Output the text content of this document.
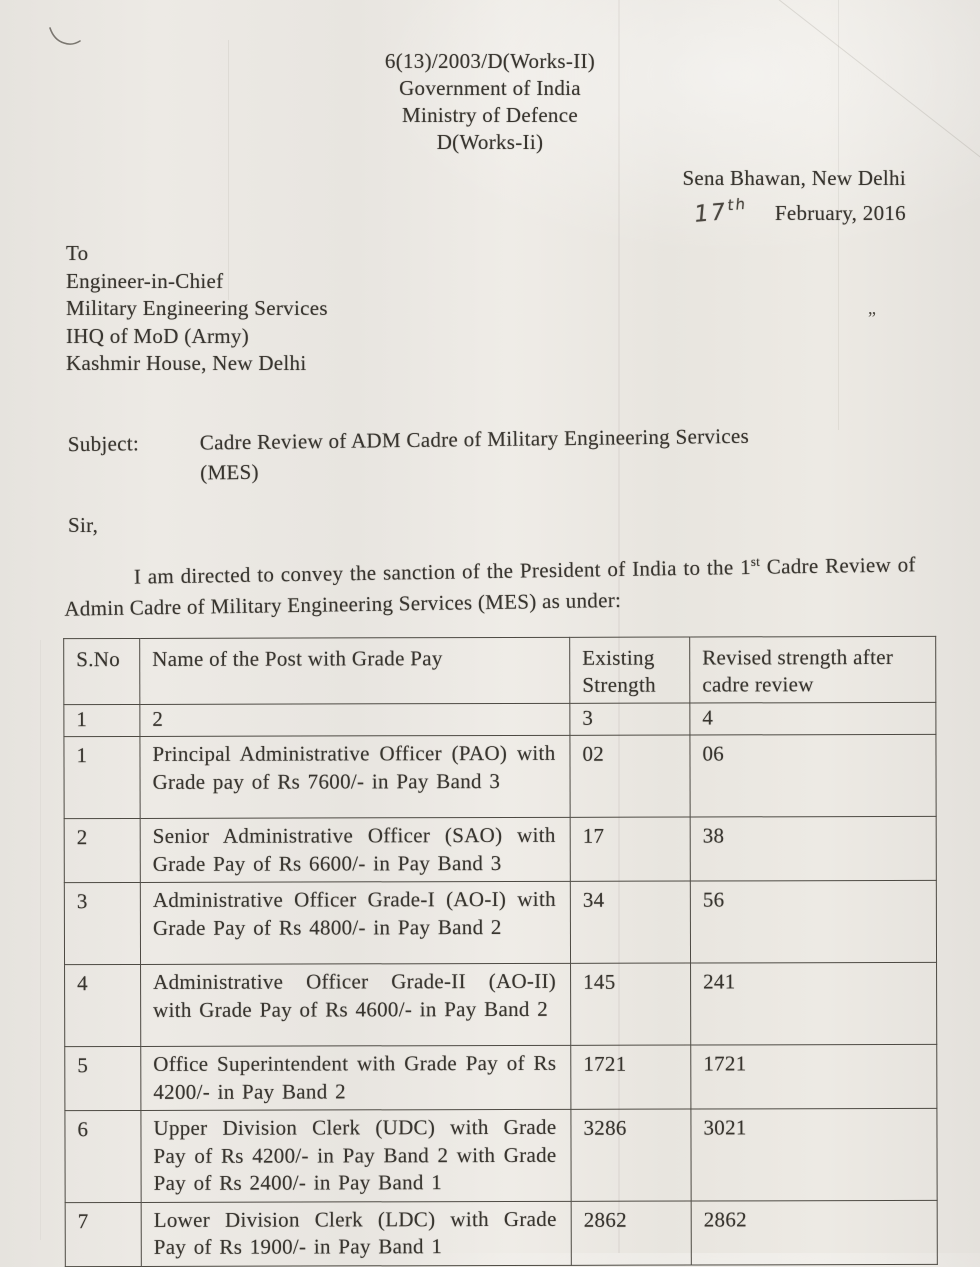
”
6(13)/2003/D(Works-II)
Government of India
Ministry of Defence
D(Works-Ii)
Sena Bhawan, New Delhi
17th February, 2016
To
Engineer-in-Chief
Military Engineering Services
IHQ of MoD (Army)
Kashmir House, New Delhi
Subject:	Cadre Review of ADM Cadre of Military Engineering Services
(MES)
Sir,
I am directed to convey the sanction of the President of India to the 1st Cadre Review of Admin Cadre of Military Engineering Services (MES) as under:
S.No	Name of the Post with Grade Pay	Existing Strength	Revised strength after cadre review
1	2	3	4
1	Principal Administrative Officer (PAO) with Grade pay of Rs 7600/- in Pay Band 3	02	06
2	Senior Administrative Officer (SAO) with Grade Pay of Rs 6600/- in Pay Band 3	17	38
3	Administrative Officer Grade-I (AO-I) with Grade Pay of Rs 4800/- in Pay Band 2	34	56
4	Administrative Officer Grade-II (AO-II) with Grade Pay of Rs 4600/- in Pay Band 2	145	241
5	Office Superintendent with Grade Pay of Rs 4200/- in Pay Band 2	1721	1721
6	Upper Division Clerk (UDC) with Grade Pay of Rs 4200/- in Pay Band 2 with Grade Pay of Rs 2400/- in Pay Band 1	3286	3021
7	Lower Division Clerk (LDC) with Grade Pay of Rs 1900/- in Pay Band 1	2862	2862
